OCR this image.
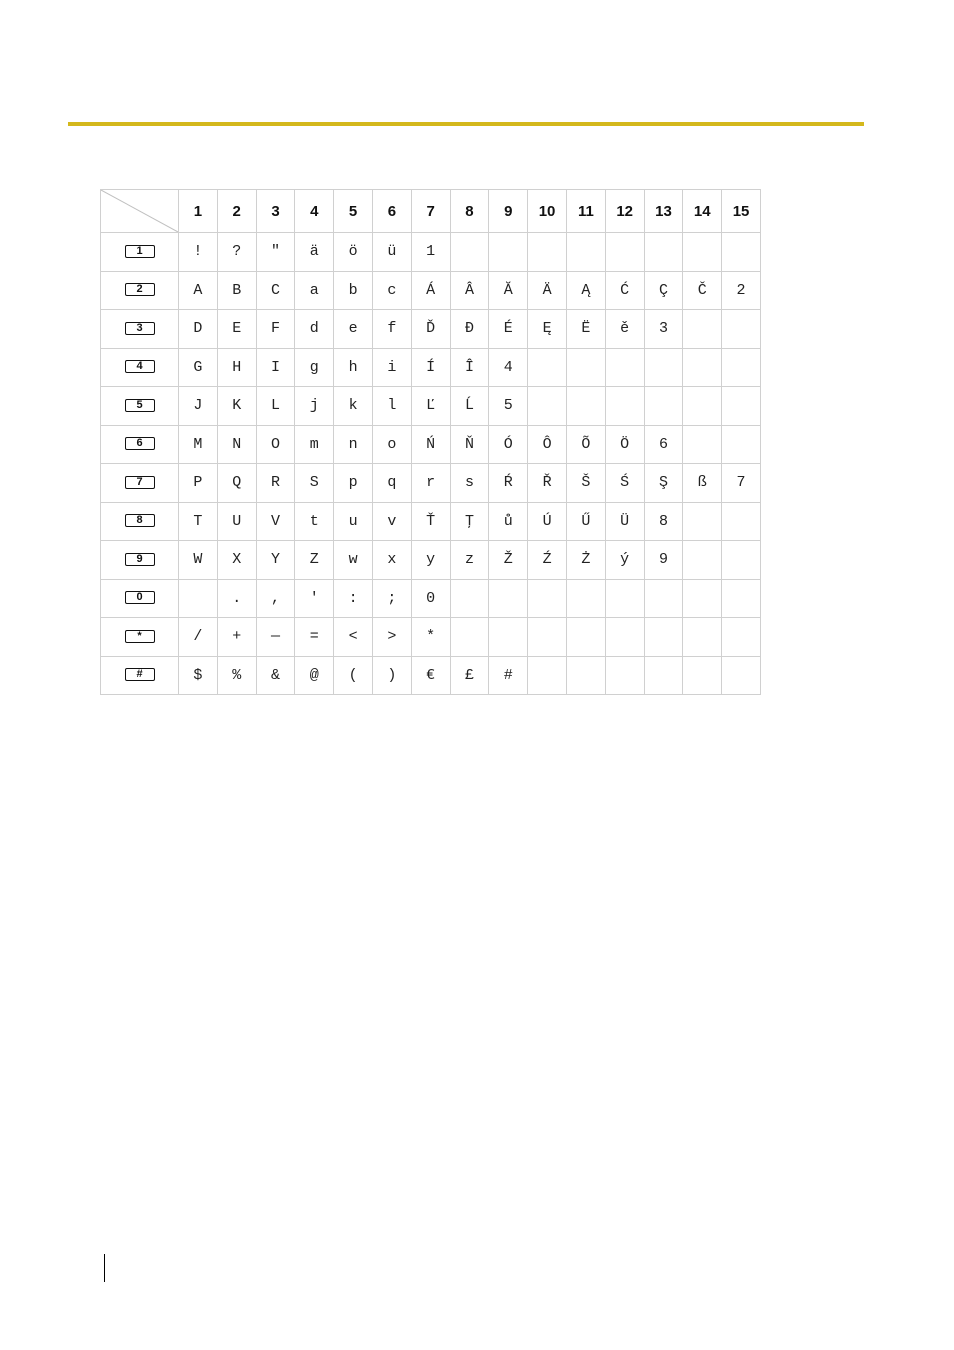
	1	2	3	4	5	6	7	8	9	10	11	12	13	14	15
1	!	?	"	ä	ö	ü	1								
2	A	B	C	a	b	c	Á	Â	Ă	Ä	Ą	Ć	Ç	Č	2
3	D	E	F	d	e	f	Ď	Đ	É	Ę	Ë	ě	3		
4	G	H	I	g	h	i	Í	Î	4						
5	J	K	L	j	k	l	Ľ	Ĺ	5						
6	M	N	O	m	n	o	Ń	Ň	Ó	Ô	Õ	Ö	6		
7	P	Q	R	S	p	q	r	s	Ŕ	Ř	Š	Ś	Ş	ß	7
8	T	U	V	t	u	v	Ť	Ţ	ů	Ú	Ű	Ü	8		
9	W	X	Y	Z	w	x	y	z	Ž	Ź	Ż	ý	9		
0		.	,	'	:	;	0								
*	/	+	—	=	<	>	*								
#	$	%	&	@	(	)	€	£	#						
